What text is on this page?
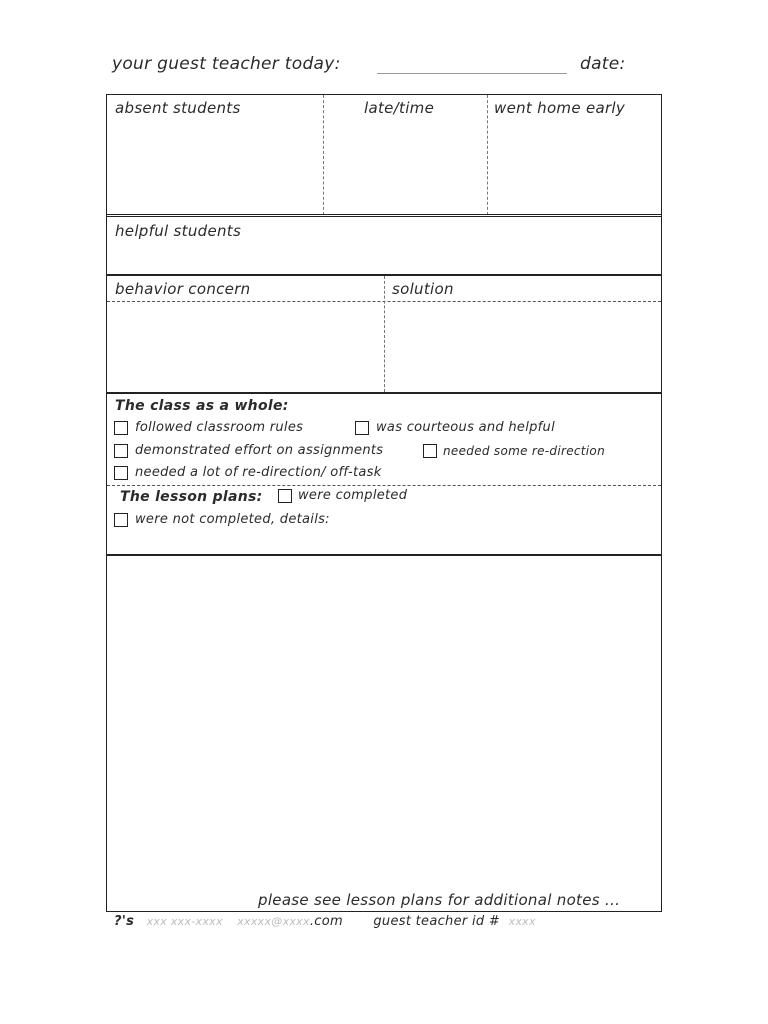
your guest teacher today:	date:
absent students	late/time	went home early
helpful students
behavior concern	solution
The class as a whole:
followed classroom rules	was courteous and helpful
demonstrated effort on assignments	needed some re-direction
needed a lot of re-direction/ off-task
The lesson plans:	were completed
were not completed, details:
please see lesson plans for additional notes ...
?'s xxx xxx-xxxx xxxxx@xxxx.com guest teacher id # xxxx
